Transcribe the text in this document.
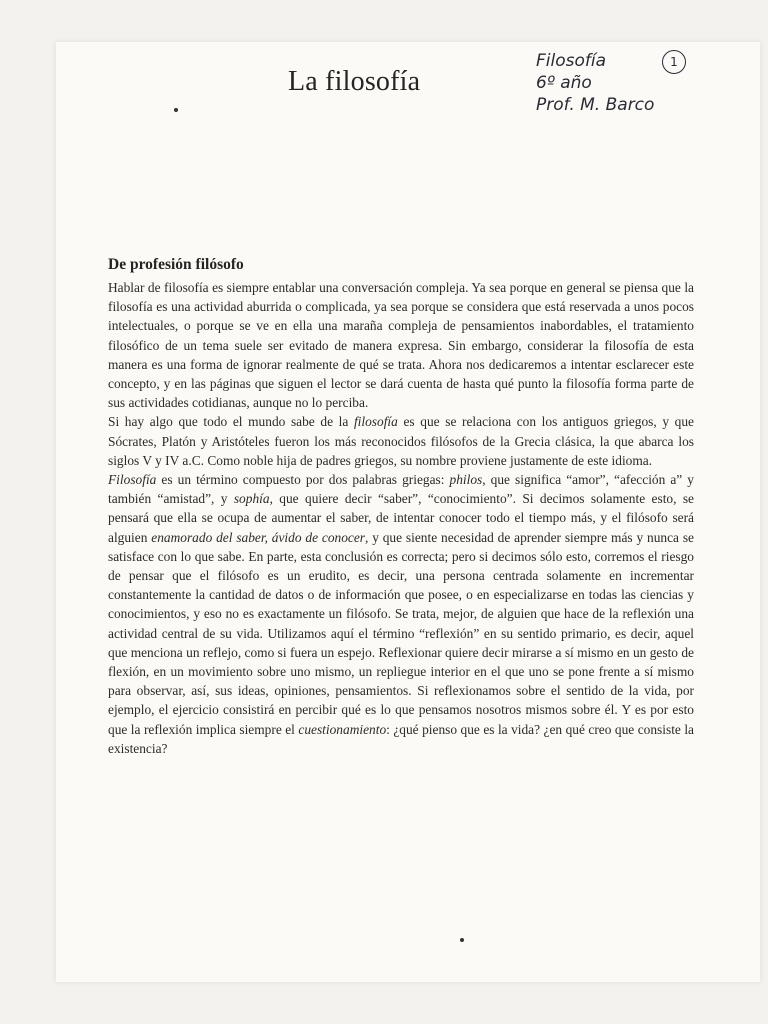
La filosofía
Filosofía
6º año
Prof. M. Barco
1
De profesión filósofo

Hablar de filosofía es siempre entablar una conversación compleja. Ya sea porque en general se piensa que la filosofía es una actividad aburrida o complicada, ya sea porque se considera que está reservada a unos pocos intelectuales, o porque se ve en ella una maraña compleja de pensamientos inabordables, el tratamiento filosófico de un tema suele ser evitado de manera expresa. Sin embargo, considerar la filosofía de esta manera es una forma de ignorar realmente de qué se trata. Ahora nos dedicaremos a intentar esclarecer este concepto, y en las páginas que siguen el lector se dará cuenta de hasta qué punto la filosofía forma parte de sus actividades cotidianas, aunque no lo perciba.

Si hay algo que todo el mundo sabe de la filosofía es que se relaciona con los antiguos griegos, y que Sócrates, Platón y Aristóteles fueron los más reconocidos filósofos de la Grecia clásica, la que abarca los siglos V y IV a.C. Como noble hija de padres griegos, su nombre proviene justamente de este idioma.

Filosofía es un término compuesto por dos palabras griegas: philos, que significa “amor”, “afección a” y también “amistad”, y sophía, que quiere decir “saber”, “conocimiento”. Si decimos solamente esto, se pensará que ella se ocupa de aumentar el saber, de intentar conocer todo el tiempo más, y el filósofo será alguien enamorado del saber, ávido de conocer, y que siente necesidad de aprender siempre más y nunca se satisface con lo que sabe. En parte, esta conclusión es correcta; pero si decimos sólo esto, corremos el riesgo de pensar que el filósofo es un erudito, es decir, una persona centrada solamente en incrementar constantemente la cantidad de datos o de información que posee, o en especializarse en todas las ciencias y conocimientos, y eso no es exactamente un filósofo. Se trata, mejor, de alguien que hace de la reflexión una actividad central de su vida. Utilizamos aquí el término “reflexión” en su sentido primario, es decir, aquel que menciona un reflejo, como si fuera un espejo. Reflexionar quiere decir mirarse a sí mismo en un gesto de flexión, en un movimiento sobre uno mismo, un repliegue interior en el que uno se pone frente a sí mismo para observar, así, sus ideas, opiniones, pensamientos. Si reflexionamos sobre el sentido de la vida, por ejemplo, el ejercicio consistirá en percibir qué es lo que pensamos nosotros mismos sobre él. Y es por esto que la reflexión implica siempre el cuestionamiento: ¿qué pienso que es la vida? ¿en qué creo que consiste la existencia?
